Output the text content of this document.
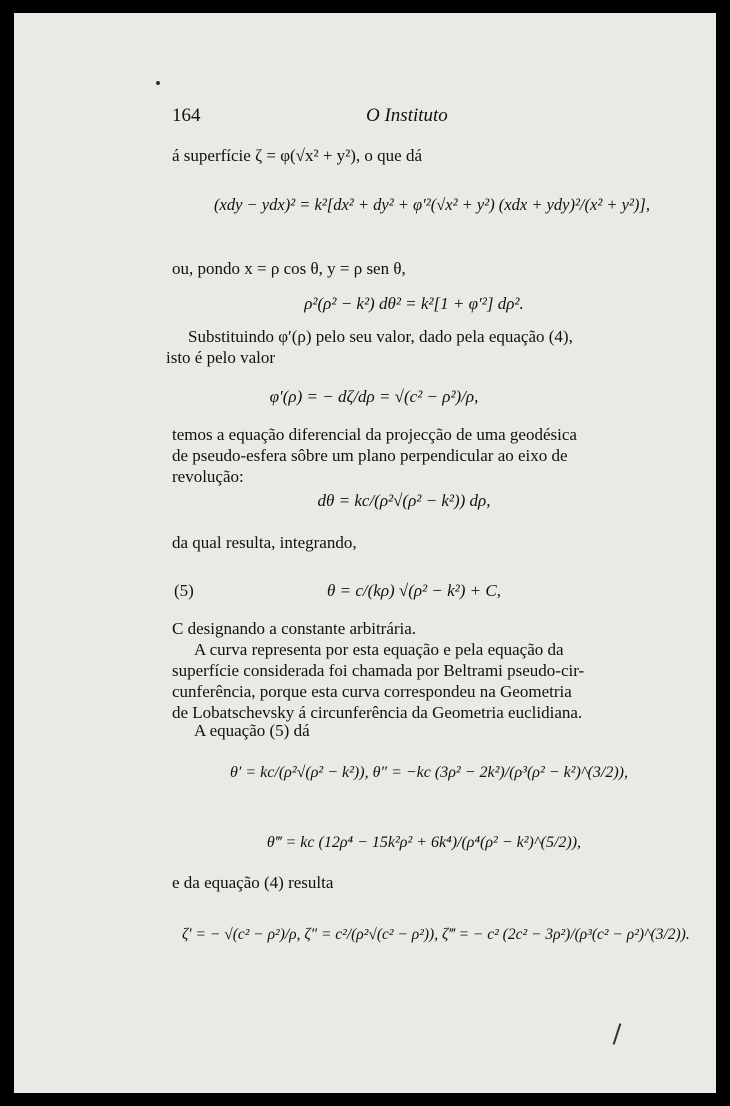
164	O Instituto
á superfície ζ = φ(√x² + y²), o que dá
(xdy − ydx)² = k²[dx² + dy² + φ′²(√x² + y²) (xdx + ydy)²/(x² + y²)],
ou, pondo x = ρ cos θ, y = ρ sen θ,
ρ²(ρ² − k²) dθ² = k²[1 + φ′²] dρ².
Substituindo φ′(ρ) pelo seu valor, dado pela equação (4),
isto é pelo valor
φ′(ρ) = − dζ/dρ = √(c² − ρ²)/ρ,
temos a equação diferencial da projecção de uma geodésica
de pseudo-esfera sôbre um plano perpendicular ao eixo de
revolução:
dθ = kc/(ρ²√(ρ² − k²)) dρ,
da qual resulta, integrando,
(5)	θ = c/(kρ) √(ρ² − k²) + C,
C designando a constante arbitrária.
A curva representa por esta equação e pela equação da
superfície considerada foi chamada por Beltrami pseudo-cir-
cunferência, porque esta curva correspondeu na Geometria
de Lobatschevsky á circunferência da Geometria euclidiana.
A equação (5) dá
θ′ = kc/(ρ²√(ρ² − k²)), θ″ = −kc (3ρ² − 2k²)/(ρ³(ρ² − k²)^(3/2)),
θ‴ = kc (12ρ⁴ − 15k²ρ² + 6k⁴)/(ρ⁴(ρ² − k²)^(5/2)),
e da equação (4) resulta
ζ′ = − √(c² − ρ²)/ρ, ζ″ = c²/(ρ²√(c² − ρ²)), ζ‴ = − c² (2c² − 3ρ²)/(ρ³(c² − ρ²)^(3/2)).
